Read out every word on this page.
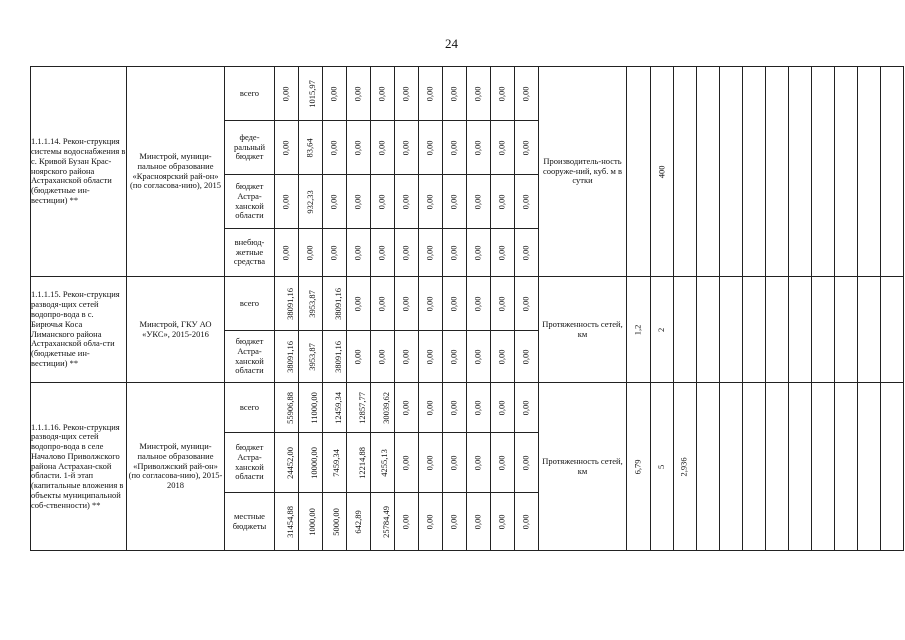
24
1.1.1.14. Рекон-струкция системы водоснабжения в с. Кривой Бузан Крас-ноярского района Астраханской области (бюджетные ин-вестиции) **	Минстрой, муници-пальное образование «Красноярский рай-он» (по согласова-нию), 2015	всего	0,00	1015,97	0,00	0,00	0,00	0,00	0,00	0,00	0,00	0,00	0,00	Производитель-ность сооруже-ний, куб. м в сутки		400										
		феде-ральный бюджет	0,00	83,64	0,00	0,00	0,00	0,00	0,00	0,00	0,00	0,00	0,00													
		бюджет Астра-ханской области	0,00	932,33	0,00	0,00	0,00	0,00	0,00	0,00	0,00	0,00	0,00													
		внебюд-жетные средства	0,00	0,00	0,00	0,00	0,00	0,00	0,00	0,00	0,00	0,00	0,00													
1.1.1.15. Рекон-струкция разводя-щих сетей водопро-вода в с. Бирючья Коса Лиманского района Астраханской обла-сти (бюджетные ин-вестиции) **	Минстрой, ГКУ АО «УКС», 2015-2016	всего	38091,16	3953,87	38091,16	0,00	0,00	0,00	0,00	0,00	0,00	0,00	0,00	Протяженность сетей, км	1,2	2										
		бюджет Астра-ханской области	38091,16	3953,87	38091,16	0,00	0,00	0,00	0,00	0,00	0,00	0,00	0,00													
1.1.1.16. Рекон-струкция разводя-щих сетей водопро-вода в селе Началово Приволжского района Астрахан-ской области. 1-й этап (капитальные вложения в объекты муниципальной соб-ственности) **	Минстрой, муници-пальное образование «Приволжский рай-он» (по согласова-нию), 2015-2018	всего	55906,88	11000,00	12459,34	12857,77	30039,62	0,00	0,00	0,00	0,00	0,00	0,00	Протяженность сетей, км	6,79	5	2,936									
		бюджет Астра-ханской области	24452,00	10000,00	7459,34	12214,88	4255,13	0,00	0,00	0,00	0,00	0,00	0,00													
		местные бюджеты	31454,88	1000,00	5000,00	642,89	25784,49	0,00	0,00	0,00	0,00	0,00	0,00													
